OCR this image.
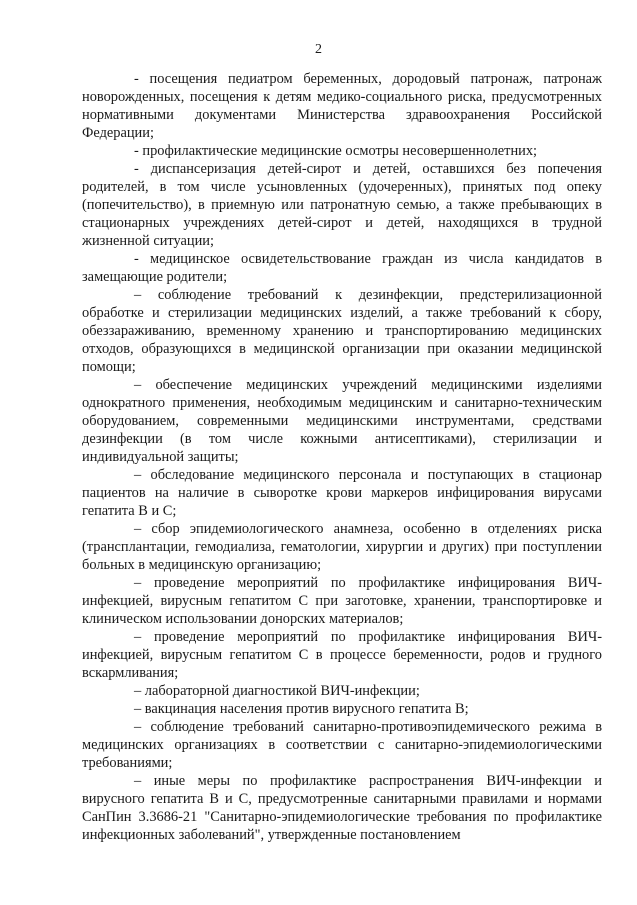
2

- посещения педиатром беременных, дородовый патронаж, патронаж новорожденных, посещения к детям медико-социального риска, предусмотренных нормативными документами Министерства здравоохранения Российской Федерации;

- профилактические медицинские осмотры несовершеннолетних;

- диспансеризация детей-сирот и детей, оставшихся без попечения родителей, в том числе усыновленных (удочеренных), принятых под опеку (попечительство), в приемную или патронатную семью, а также пребывающих в стационарных учреждениях детей-сирот и детей, находящихся в трудной жизненной ситуации;

- медицинское освидетельствование граждан из числа кандидатов в замещающие родители;

– соблюдение требований к дезинфекции, предстерилизационной обработке и стерилизации медицинских изделий, а также требований к сбору, обеззараживанию, временному хранению и транспортированию медицинских отходов, образующихся в медицинской организации при оказании медицинской помощи;

– обеспечение медицинских учреждений медицинскими изделиями однократного применения, необходимым медицинским и санитарно-техническим оборудованием, современными медицинскими инструментами, средствами дезинфекции (в том числе кожными антисептиками), стерилизации и индивидуальной защиты;

– обследование медицинского персонала и поступающих в стационар пациентов на наличие в сыворотке крови маркеров инфицирования вирусами гепатита В и С;

– сбор эпидемиологического анамнеза, особенно в отделениях риска (трансплантации, гемодиализа, гематологии, хирургии и других) при поступлении больных в медицинскую организацию;

– проведение мероприятий по профилактике инфицирования ВИЧ-инфекцией, вирусным гепатитом С при заготовке, хранении, транспортировке и клиническом использовании донорских материалов;

– проведение мероприятий по профилактике инфицирования ВИЧ-инфекцией, вирусным гепатитом С в процессе беременности, родов и грудного вскармливания;

– лабораторной диагностикой ВИЧ-инфекции;

– вакцинация населения против вирусного гепатита В;

– соблюдение требований санитарно-противоэпидемического режима в медицинских организациях в соответствии с санитарно-эпидемиологическими требованиями;

– иные меры по профилактике распространения ВИЧ-инфекции и вирусного гепатита В и С, предусмотренные санитарными правилами и нормами СанПин 3.3686-21 "Санитарно-эпидемиологические требования по профилактике инфекционных заболеваний", утвержденные постановлением
